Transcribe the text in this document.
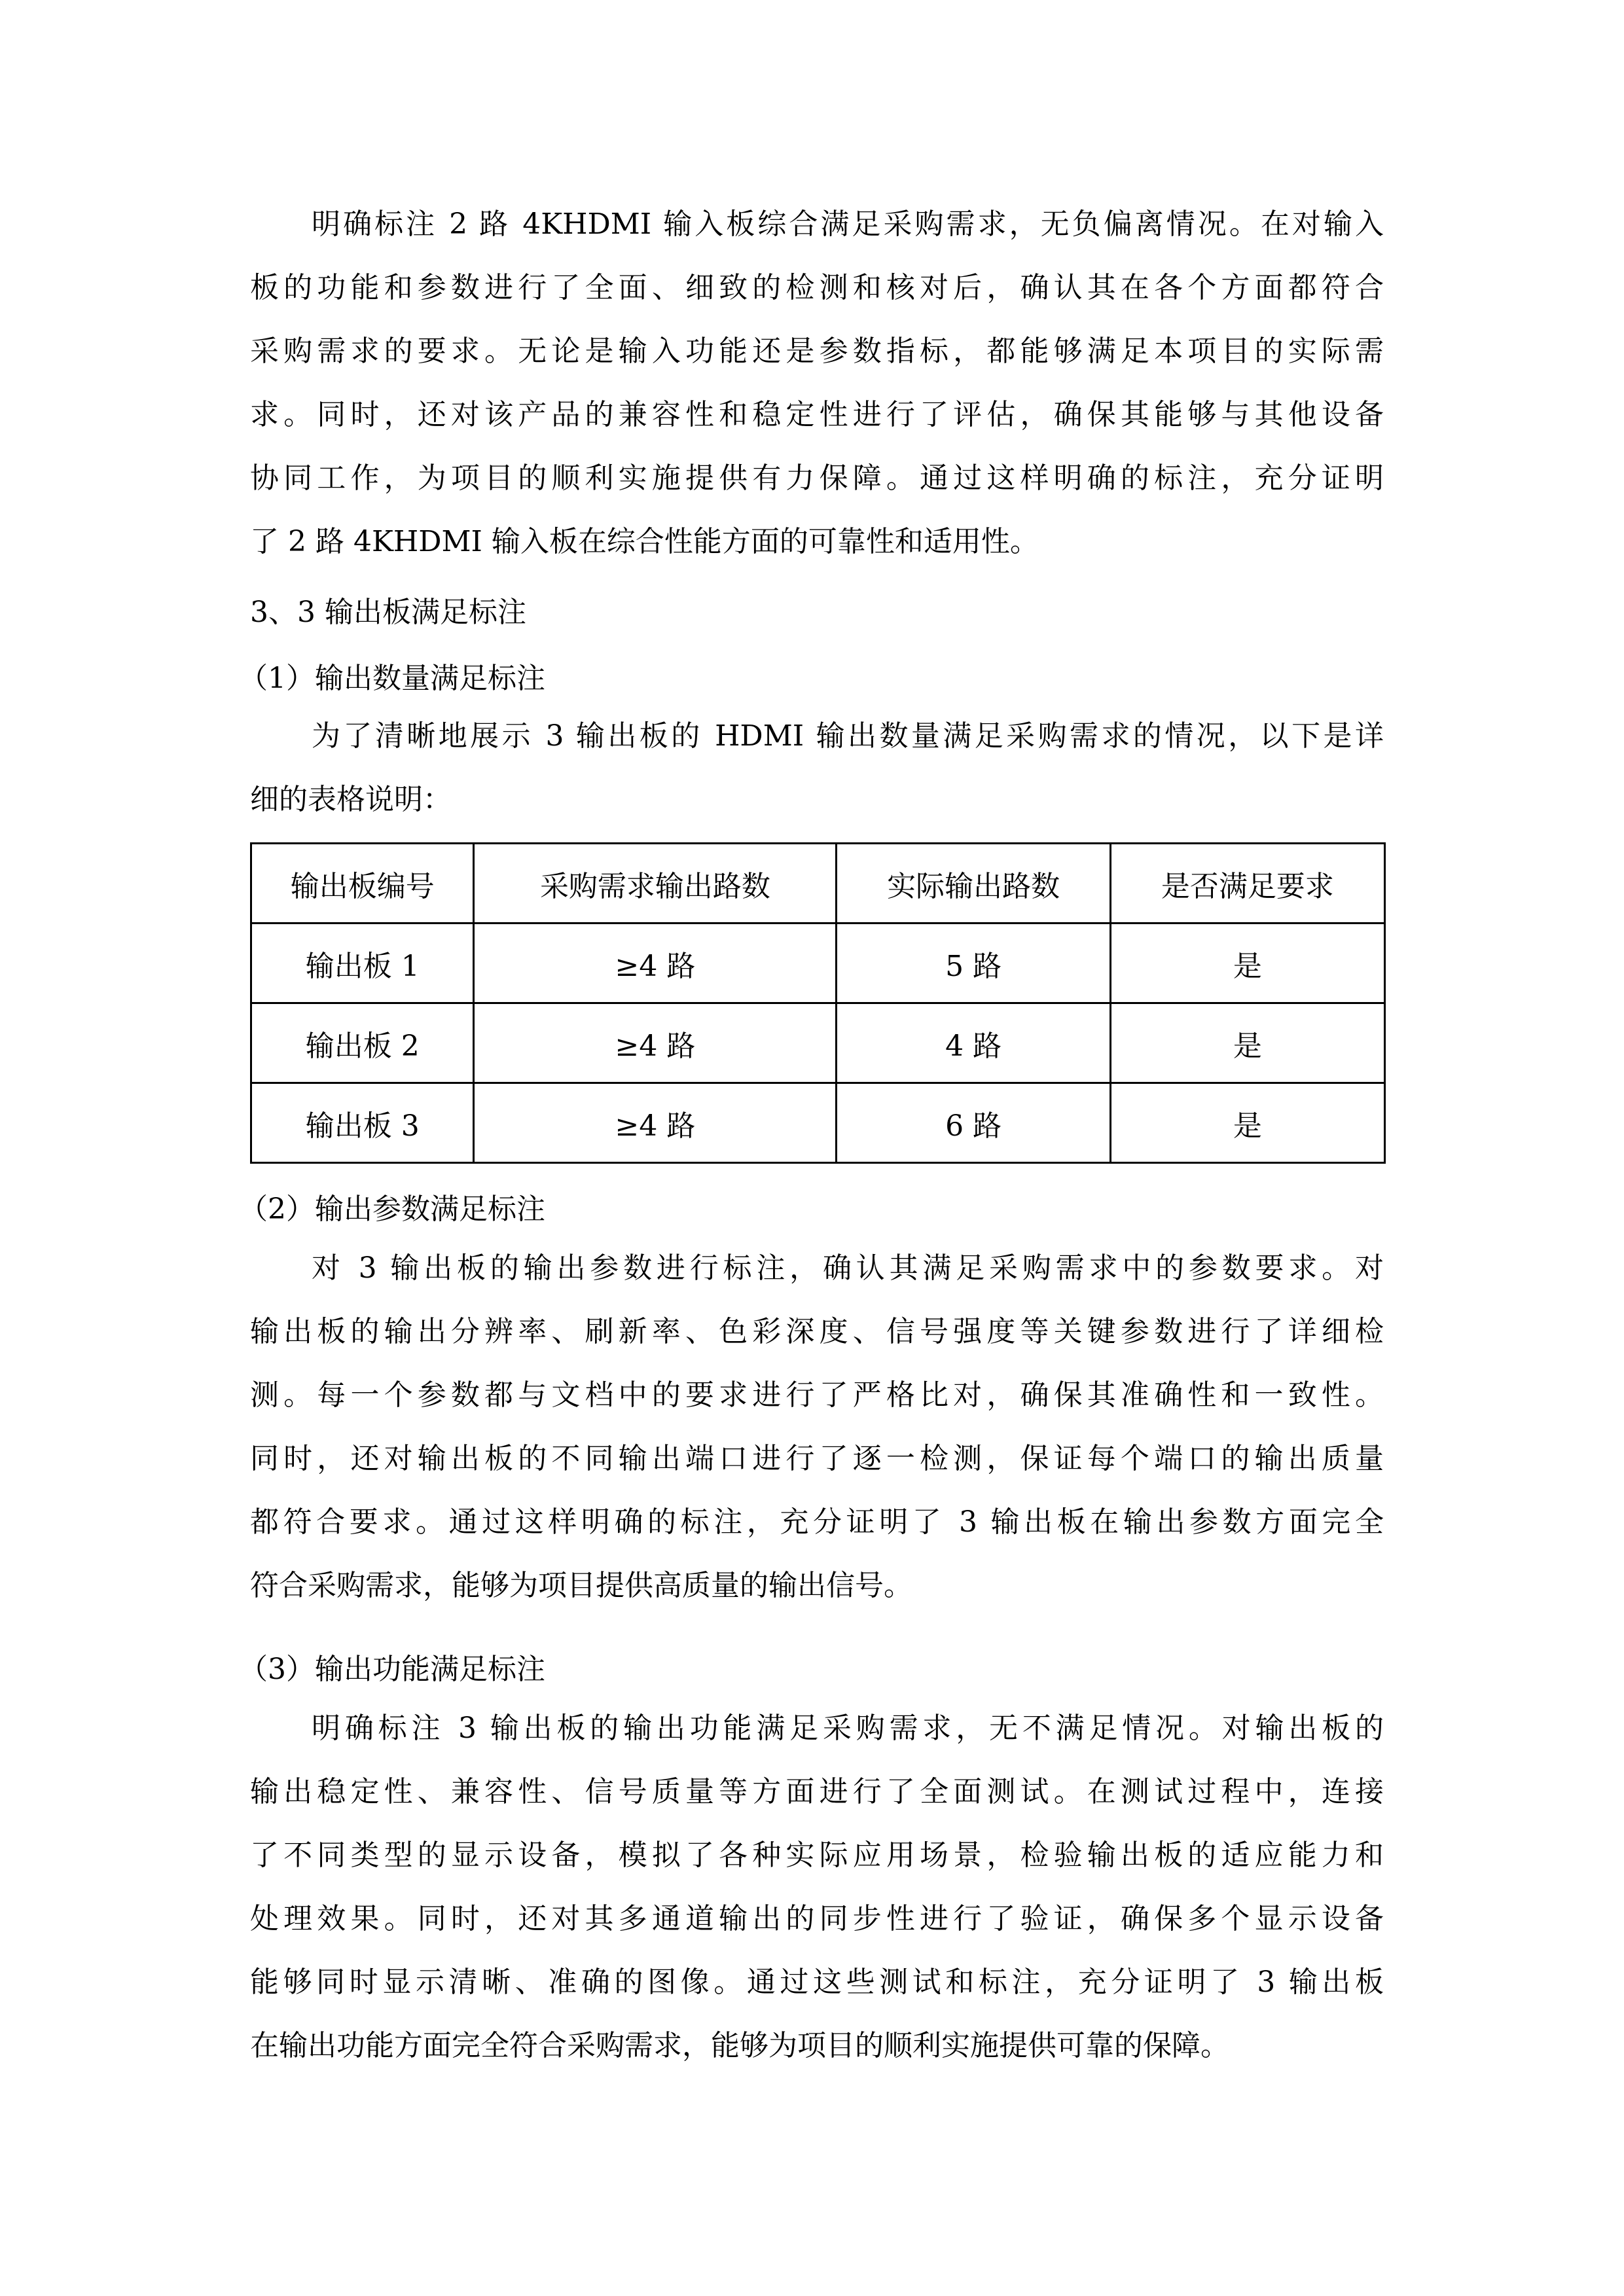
明确标注 2 路 4KHDMI 输入板综合满足采购需求，无负偏离情况。在对输入
板的功能和参数进行了全面、细致的检测和核对后，确认其在各个方面都符合
采购需求的要求。无论是输入功能还是参数指标，都能够满足本项目的实际需
求。同时，还对该产品的兼容性和稳定性进行了评估，确保其能够与其他设备
协同工作，为项目的顺利实施提供有力保障。通过这样明确的标注，充分证明
了 2 路 4KHDMI 输入板在综合性能方面的可靠性和适用性。
3、3 输出板满足标注
（1）输出数量满足标注
为了清晰地展示 3 输出板的 HDMI 输出数量满足采购需求的情况，以下是详
细的表格说明：
输出板编号	采购需求输出路数	实际输出路数	是否满足要求
输出板 1	≥4 路	5 路	是
输出板 2	≥4 路	4 路	是
输出板 3	≥4 路	6 路	是
（2）输出参数满足标注
对 3 输出板的输出参数进行标注，确认其满足采购需求中的参数要求。对
输出板的输出分辨率、刷新率、色彩深度、信号强度等关键参数进行了详细检
测。每一个参数都与文档中的要求进行了严格比对，确保其准确性和一致性。
同时，还对输出板的不同输出端口进行了逐一检测，保证每个端口的输出质量
都符合要求。通过这样明确的标注，充分证明了 3 输出板在输出参数方面完全
符合采购需求，能够为项目提供高质量的输出信号。
（3）输出功能满足标注
明确标注 3 输出板的输出功能满足采购需求，无不满足情况。对输出板的
输出稳定性、兼容性、信号质量等方面进行了全面测试。在测试过程中，连接
了不同类型的显示设备，模拟了各种实际应用场景，检验输出板的适应能力和
处理效果。同时，还对其多通道输出的同步性进行了验证，确保多个显示设备
能够同时显示清晰、准确的图像。通过这些测试和标注，充分证明了 3 输出板
在输出功能方面完全符合采购需求，能够为项目的顺利实施提供可靠的保障。
